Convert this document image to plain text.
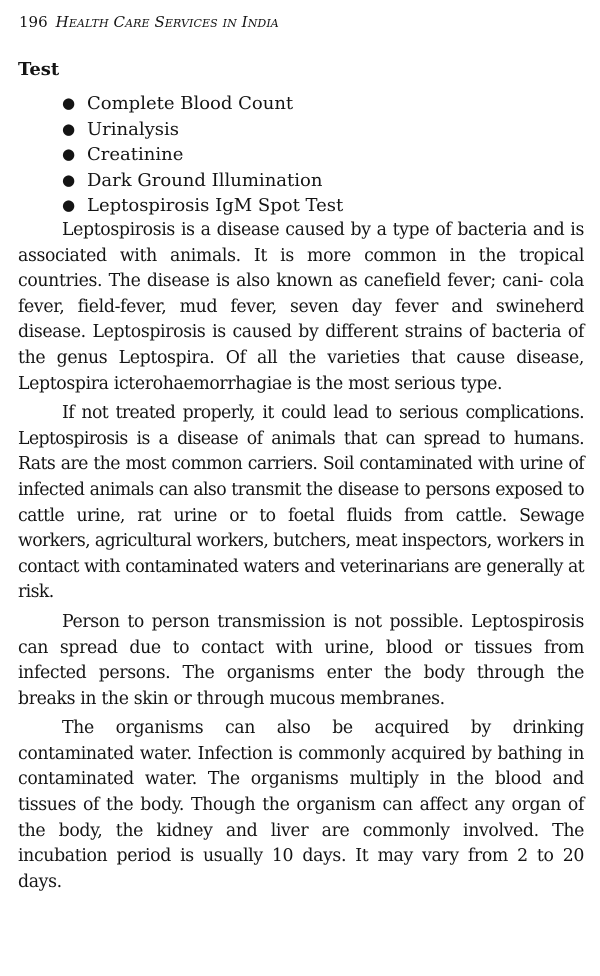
196 Health Care Services in India
Test
● Complete Blood Count
● Urinalysis
● Creatinine
● Dark Ground Illumination
● Leptospirosis IgM Spot Test

Leptospirosis is a disease caused by a type of bacteria and is associated with animals. It is more common in the tropical countries. The disease is also known as canefield fever; cani- cola fever, field-fever, mud fever, seven day fever and swineherd disease. Leptospirosis is caused by different strains of bacteria of the genus Leptospira. Of all the varieties that cause disease, Leptospira icterohaemorrhagiae is the most serious type.

If not treated properly, it could lead to serious complications. Leptospirosis is a disease of animals that can spread to humans. Rats are the most common carriers. Soil contaminated with urine of infected animals can also transmit the disease to persons exposed to cattle urine, rat urine or to foetal fluids from cattle. Sewage workers, agricultural workers, butchers, meat inspectors, workers in contact with contaminated waters and veterinarians are generally at risk.

Person to person transmission is not possible. Leptospirosis can spread due to contact with urine, blood or tissues from infected persons. The organisms enter the body through the breaks in the skin or through mucous membranes.

The organisms can also be acquired by drinking contaminated water. Infection is commonly acquired by bathing in contaminated water. The organisms multiply in the blood and tissues of the body. Though the organism can affect any organ of the body, the kidney and liver are commonly involved. The incubation period is usually 10 days. It may vary from 2 to 20 days.
